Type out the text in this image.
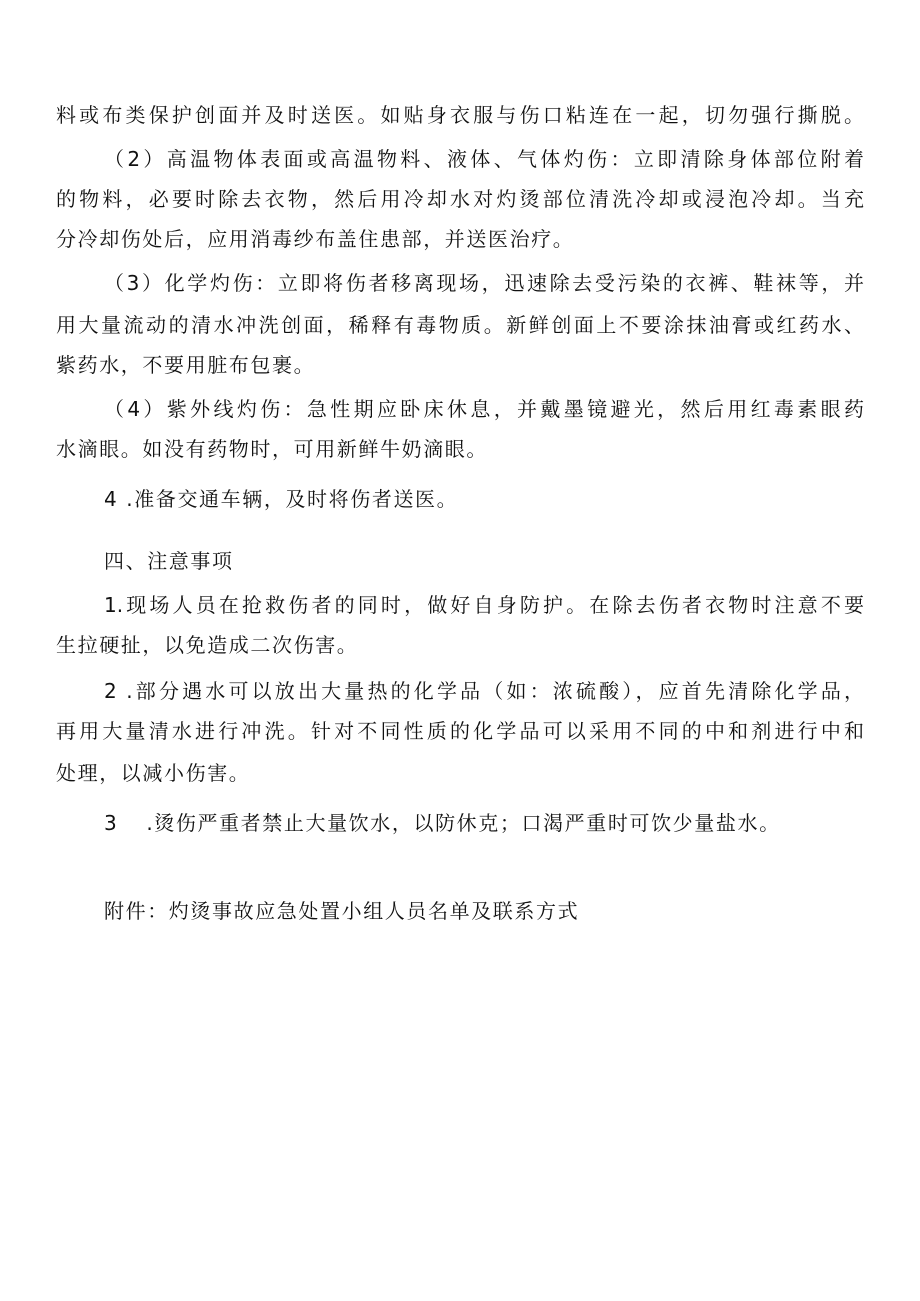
料或布类保护创面并及时送医。如贴身衣服与伤口粘连在一起，切勿强行撕脱。
（2）高温物体表面或高温物料、液体、气体灼伤：立即清除身体部位附着
的物料，必要时除去衣物，然后用冷却水对灼烫部位清洗冷却或浸泡冷却。当充
分冷却伤处后，应用消毒纱布盖住患部，并送医治疗。
（3）化学灼伤：立即将伤者移离现场，迅速除去受污染的衣裤、鞋袜等，并
用大量流动的清水冲洗创面，稀释有毒物质。新鲜创面上不要涂抹油膏或红药水、
紫药水，不要用脏布包裹。
（4）紫外线灼伤：急性期应卧床休息，并戴墨镜避光，然后用红毒素眼药
水滴眼。如没有药物时，可用新鲜牛奶滴眼。
4 .准备交通车辆，及时将伤者送医。
四、注意事项
1.现场人员在抢救伤者的同时，做好自身防护。在除去伤者衣物时注意不要
生拉硬扯，以免造成二次伤害。
2 .部分遇水可以放出大量热的化学品（如：浓硫酸），应首先清除化学品，
再用大量清水进行冲洗。针对不同性质的化学品可以采用不同的中和剂进行中和
处理，以减小伤害。
3 .烫伤严重者禁止大量饮水，以防休克；口渴严重时可饮少量盐水。
附件：灼烫事故应急处置小组人员名单及联系方式
